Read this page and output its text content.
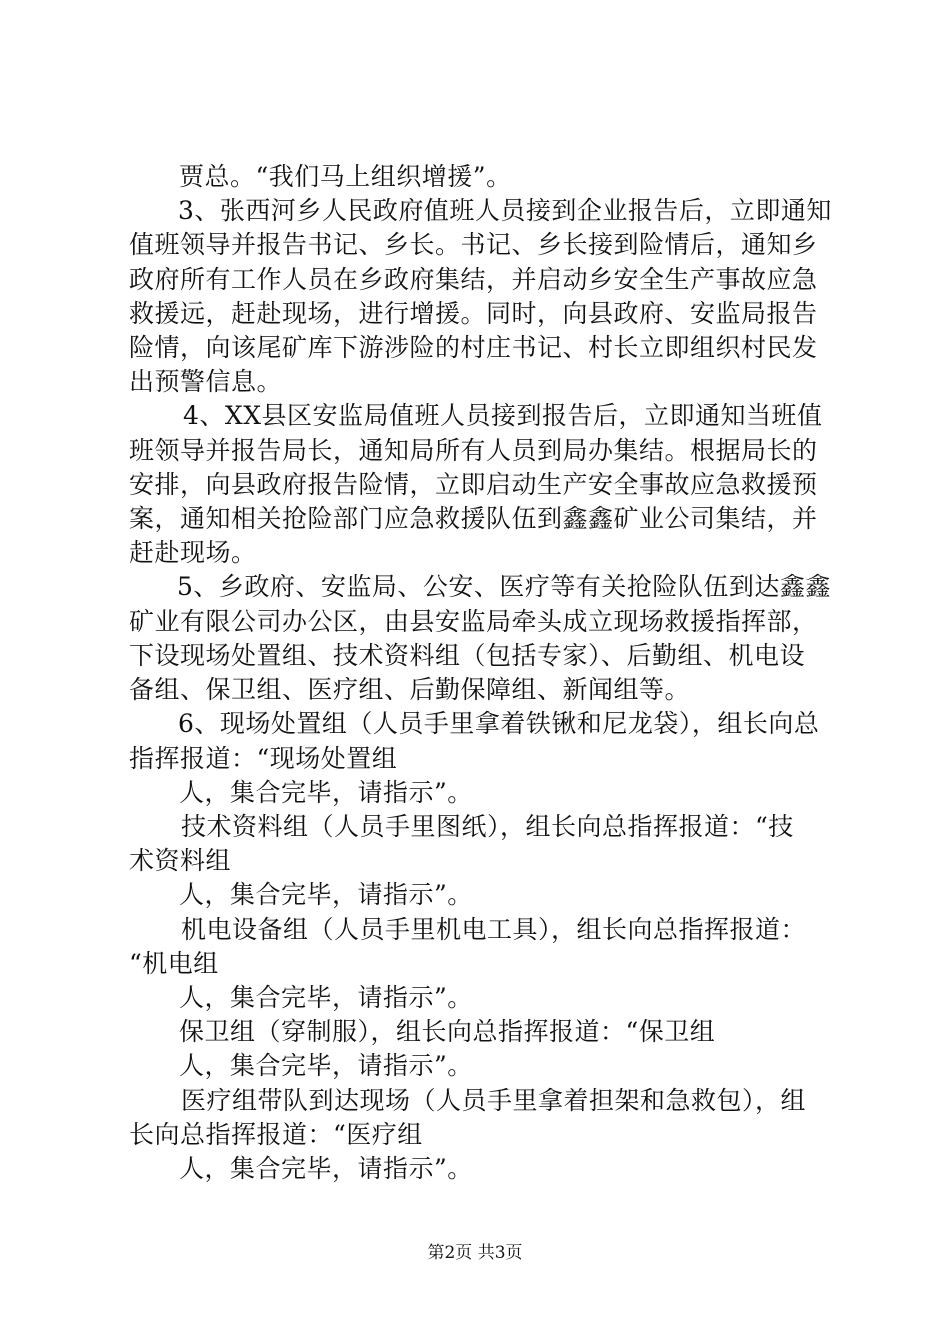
贾总。“我们马上组织增援”。
3、张西河乡人民政府值班人员接到企业报告后，立即通知
值班领导并报告书记、乡长。书记、乡长接到险情后，通知乡
政府所有工作人员在乡政府集结，并启动乡安全生产事故应急
救援远，赶赴现场，进行增援。同时，向县政府、安监局报告
险情，向该尾矿库下游涉险的村庄书记、村长立即组织村民发
出预警信息。
4、XX县区安监局值班人员接到报告后，立即通知当班值
班领导并报告局长，通知局所有人员到局办集结。根据局长的
安排，向县政府报告险情，立即启动生产安全事故应急救援预
案，通知相关抢险部门应急救援队伍到鑫鑫矿业公司集结，并
赶赴现场。
5、乡政府、安监局、公安、医疗等有关抢险队伍到达鑫鑫
矿业有限公司办公区，由县安监局牵头成立现场救援指挥部，
下设现场处置组、技术资料组（包括专家）、后勤组、机电设
备组、保卫组、医疗组、后勤保障组、新闻组等。
6、现场处置组（人员手里拿着铁锹和尼龙袋），组长向总
指挥报道：“现场处置组
人，集合完毕，请指示”。
技术资料组（人员手里图纸），组长向总指挥报道：“技
术资料组
人，集合完毕，请指示”。
机电设备组（人员手里机电工具），组长向总指挥报道：
“机电组
人，集合完毕，请指示”。
保卫组（穿制服），组长向总指挥报道：“保卫组
人，集合完毕，请指示”。
医疗组带队到达现场（人员手里拿着担架和急救包），组
长向总指挥报道：“医疗组
人，集合完毕，请指示”。
第2页 共3页
